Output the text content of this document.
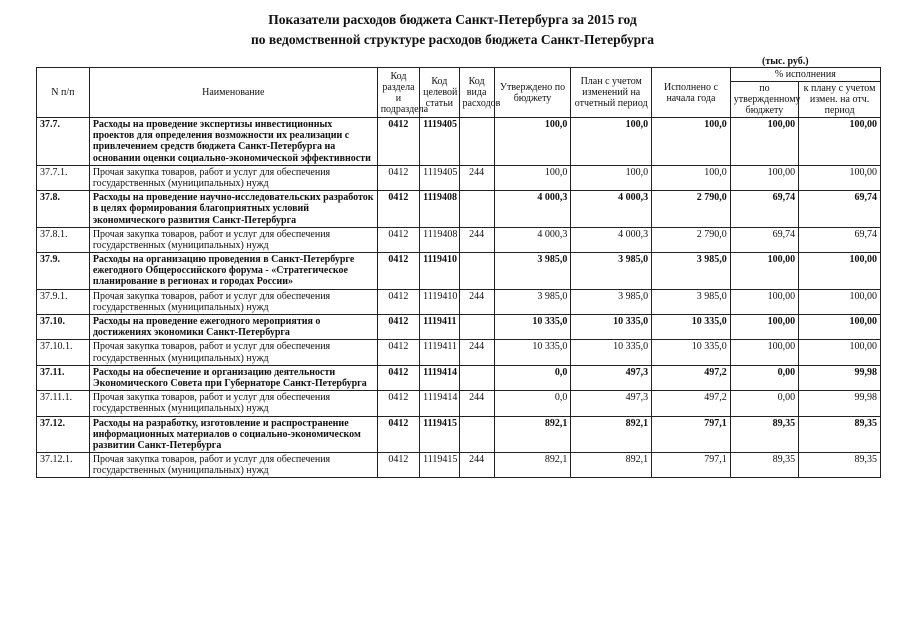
Показатели расходов бюджета Санкт-Петербурга за 2015 год
по ведомственной структуре расходов бюджета Санкт-Петербурга
(тыс. руб.)
N п/п	Наименование	Код раздела и подраздела	Код целевой статьи	Код вида расходов	Утверждено по бюджету	План с учетом изменений на отчетный период	Исполнено с начала года	% исполнения	
								по утвержденному бюджету	к плану с учетом измен. на отч. период
37.7.	Расходы на проведение экспертизы инвестиционных проектов для определения возможности их реализации с привлечением средств бюджета Санкт-Петербурга на основании оценки социально-экономической эффективности	0412	1119405		100,0	100,0	100,0	100,00	100,00
37.7.1.	Прочая закупка товаров, работ и услуг для обеспечения государственных (муниципальных) нужд	0412	1119405	244	100,0	100,0	100,0	100,00	100,00
37.8.	Расходы на проведение научно-исследовательских разработок в целях формирования благоприятных условий экономического развития Санкт-Петербурга	0412	1119408		4 000,3	4 000,3	2 790,0	69,74	69,74
37.8.1.	Прочая закупка товаров, работ и услуг для обеспечения государственных (муниципальных) нужд	0412	1119408	244	4 000,3	4 000,3	2 790,0	69,74	69,74
37.9.	Расходы на организацию проведения в Санкт-Петербурге ежегодного Общероссийского форума - «Стратегическое планирование в регионах и городах России»	0412	1119410		3 985,0	3 985,0	3 985,0	100,00	100,00
37.9.1.	Прочая закупка товаров, работ и услуг для обеспечения государственных (муниципальных) нужд	0412	1119410	244	3 985,0	3 985,0	3 985,0	100,00	100,00
37.10.	Расходы на проведение ежегодного мероприятия о достижениях экономики Санкт-Петербурга	0412	1119411		10 335,0	10 335,0	10 335,0	100,00	100,00
37.10.1.	Прочая закупка товаров, работ и услуг для обеспечения государственных (муниципальных) нужд	0412	1119411	244	10 335,0	10 335,0	10 335,0	100,00	100,00
37.11.	Расходы на обеспечение и организацию деятельности Экономического Совета при Губернаторе Санкт-Петербурга	0412	1119414		0,0	497,3	497,2	0,00	99,98
37.11.1.	Прочая закупка товаров, работ и услуг для обеспечения государственных (муниципальных) нужд	0412	1119414	244	0,0	497,3	497,2	0,00	99,98
37.12.	Расходы на разработку, изготовление и распространение информационных материалов о социально-экономическом развитии Санкт-Петербурга	0412	1119415		892,1	892,1	797,1	89,35	89,35
37.12.1.	Прочая закупка товаров, работ и услуг для обеспечения государственных (муниципальных) нужд	0412	1119415	244	892,1	892,1	797,1	89,35	89,35
